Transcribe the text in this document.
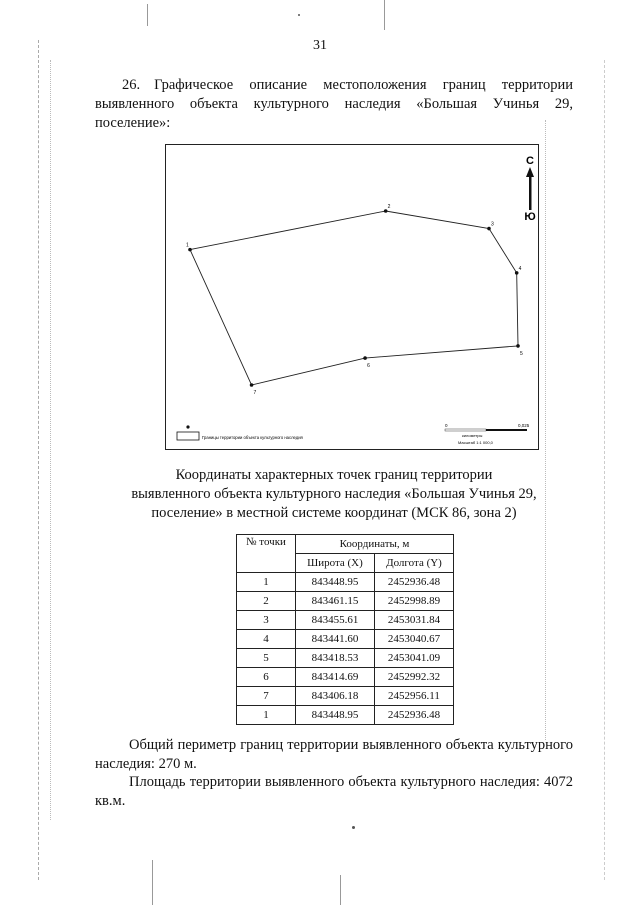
31
26. Графическое описание местоположения границ территории выявленного объекта культурного наследия «Большая Учинья 29, поселение»:
1
2
3
4
5
6
7
С
Ю
Границы территории объекта культурного наследия
0	0,025
километры
Масштаб 1:1 000,0
Координаты характерных точек границ территории
выявленного объекта культурного наследия «Большая Учинья 29,
поселение» в местной системе координат (МСК 86, зона 2)
№ точки	Координаты, м	
	Широта (X)	Долгота (Y)
1	843448.95	2452936.48
2	843461.15	2452998.89
3	843455.61	2453031.84
4	843441.60	2453040.67
5	843418.53	2453041.09
6	843414.69	2452992.32
7	843406.18	2452956.11
1	843448.95	2452936.48
Общий периметр границ территории выявленного объекта культурного наследия: 270 м.
Площадь территории выявленного объекта культурного наследия: 4072 кв.м.
